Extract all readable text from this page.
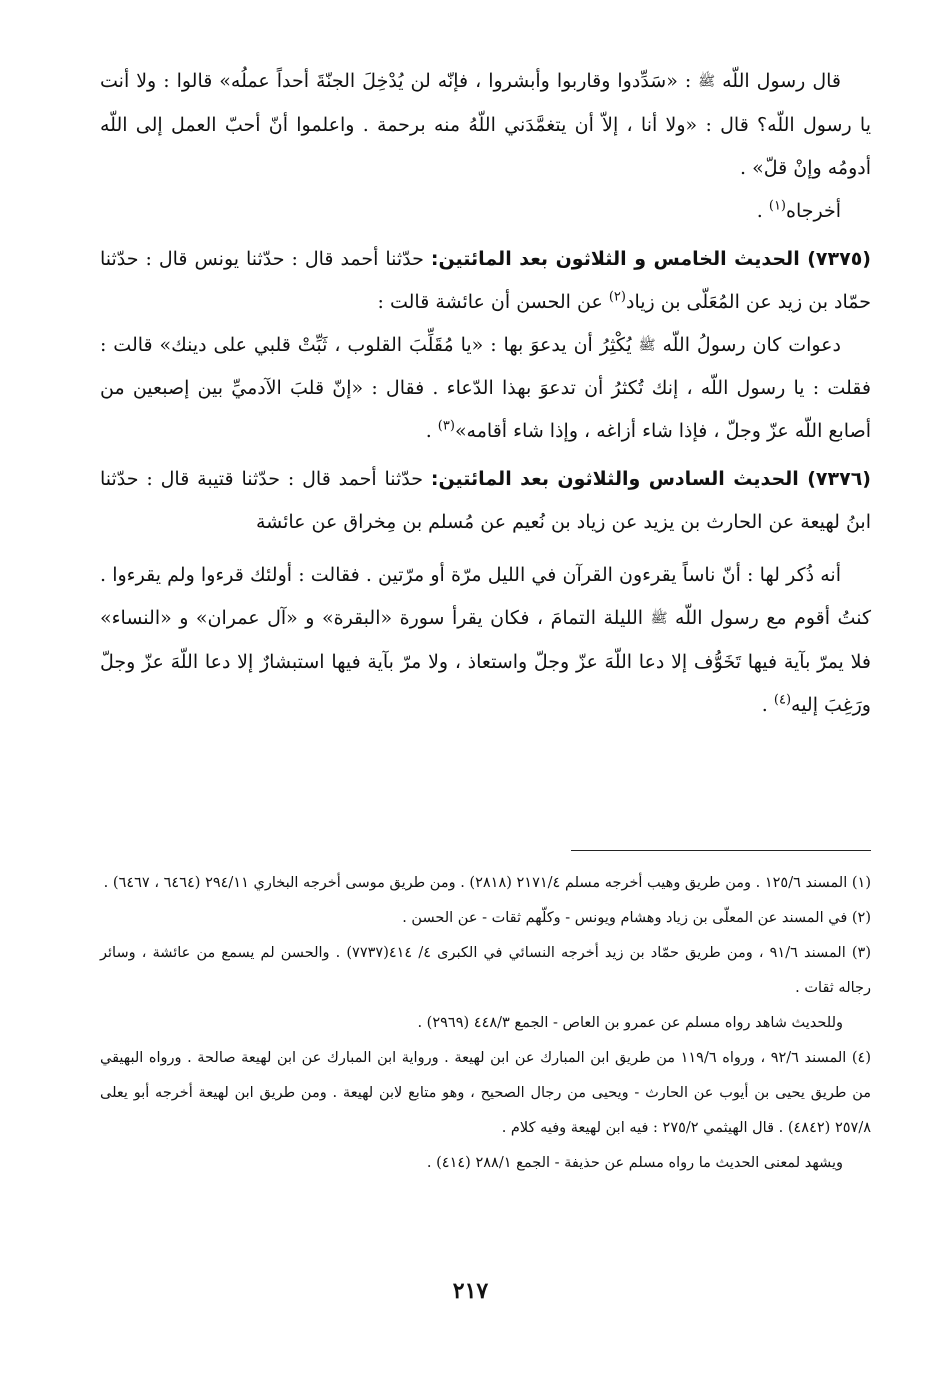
قال رسول اللّه ﷺ : «سَدِّدوا وقاربوا وأبشروا ، فإنّه لن يُدْخِلَ الجنّةَ أحداً عملُه» قالوا : ولا أنت يا رسول اللّه؟ قال : «ولا أنا ، إلاّ أن يتغمَّدَني اللّهُ منه برحمة . واعلموا أنّ أحبّ العمل إلى اللّه أدومُه وإنْ قلّ» .

أخرجاه$^{(١)}$ .

(٧٣٧٥) الحديث الخامس و الثلاثون بعد المائتين: حدّثنا أحمد قال : حدّثنا يونس قال : حدّثنا حمّاد بن زيد عن المُعَلّى بن زياد$^{(٢)}$ عن الحسن أن عائشة قالت :

دعوات كان رسولُ اللّه ﷺ يُكْثِرُ أن يدعوَ بها : «يا مُقَلِّبَ القلوب ، ثَبِّتْ قلبي على دينك» قالت : فقلت : يا رسول اللّه ، إنك تُكثرُ أن تدعوَ بهذا الدّعاء . فقال : «إنّ قلبَ الآدميِّ بين إصبعين من أصابع اللّه عزّ وجلّ ، فإذا شاء أزاغه ، وإذا شاء أقامه»$^{(٣)}$ .

(٧٣٧٦) الحديث السادس والثلاثون بعد المائتين: حدّثنا أحمد قال : حدّثنا قتيبة قال : حدّثنا ابنُ لهيعة عن الحارث بن يزيد عن زياد بن نُعيم عن مُسلم بن مِخراق عن عائشة

أنه ذُكر لها : أنّ ناساً يقرءون القرآن في الليل مرّة أو مرّتين . فقالت : أولئك قرءوا ولم يقرءوا . كنتُ أقوم مع رسول اللّه ﷺ الليلة التمامَ ، فكان يقرأ سورة «البقرة» و «آل عمران» و «النساء» فلا يمرّ بآية فيها تَخَوُّف إلا دعا اللّهَ عزّ وجلّ واستعاذ ، ولا مرّ بآية فيها استبشارٌ إلا دعا اللّهَ عزّ وجلّ ورَغِبَ إليه$^{(٤)}$ .

(١) المسند ١٢٥/٦ . ومن طريق وهيب أخرجه مسلم ٢١٧١/٤ (٢٨١٨) . ومن طريق موسى أخرجه البخاري ٢٩٤/١١ (٦٤٦٤ ، ٦٤٦٧) .

(٢) في المسند عن المعلّى بن زياد وهشام ويونس - وكلّهم ثقات - عن الحسن .

(٣) المسند ٩١/٦ ، ومن طريق حمّاد بن زيد أخرجه النسائي في الكبرى ٤/ ٤١٤(٧٧٣٧) . والحسن لم يسمع من عائشة ، وسائر رجاله ثقات .

وللحديث شاهد رواه مسلم عن عمرو بن العاص - الجمع ٤٤٨/٣ (٢٩٦٩) .

(٤) المسند ٩٢/٦ ، ورواه ١١٩/٦ من طريق ابن المبارك عن ابن لهيعة . ورواية ابن المبارك عن ابن لهيعة صالحة . ورواه البهيقي من طريق يحيى بن أيوب عن الحارث - ويحيى من رجال الصحيح ، وهو متابع لابن لهيعة . ومن طريق ابن لهيعة أخرجه أبو يعلى ٢٥٧/٨ (٤٨٤٢) . قال الهيثمي ٢٧٥/٢ : فيه ابن لهيعة وفيه كلام .

ويشهد لمعنى الحديث ما رواه مسلم عن حذيفة - الجمع ٢٨٨/١ (٤١٤) .

٢١٧
